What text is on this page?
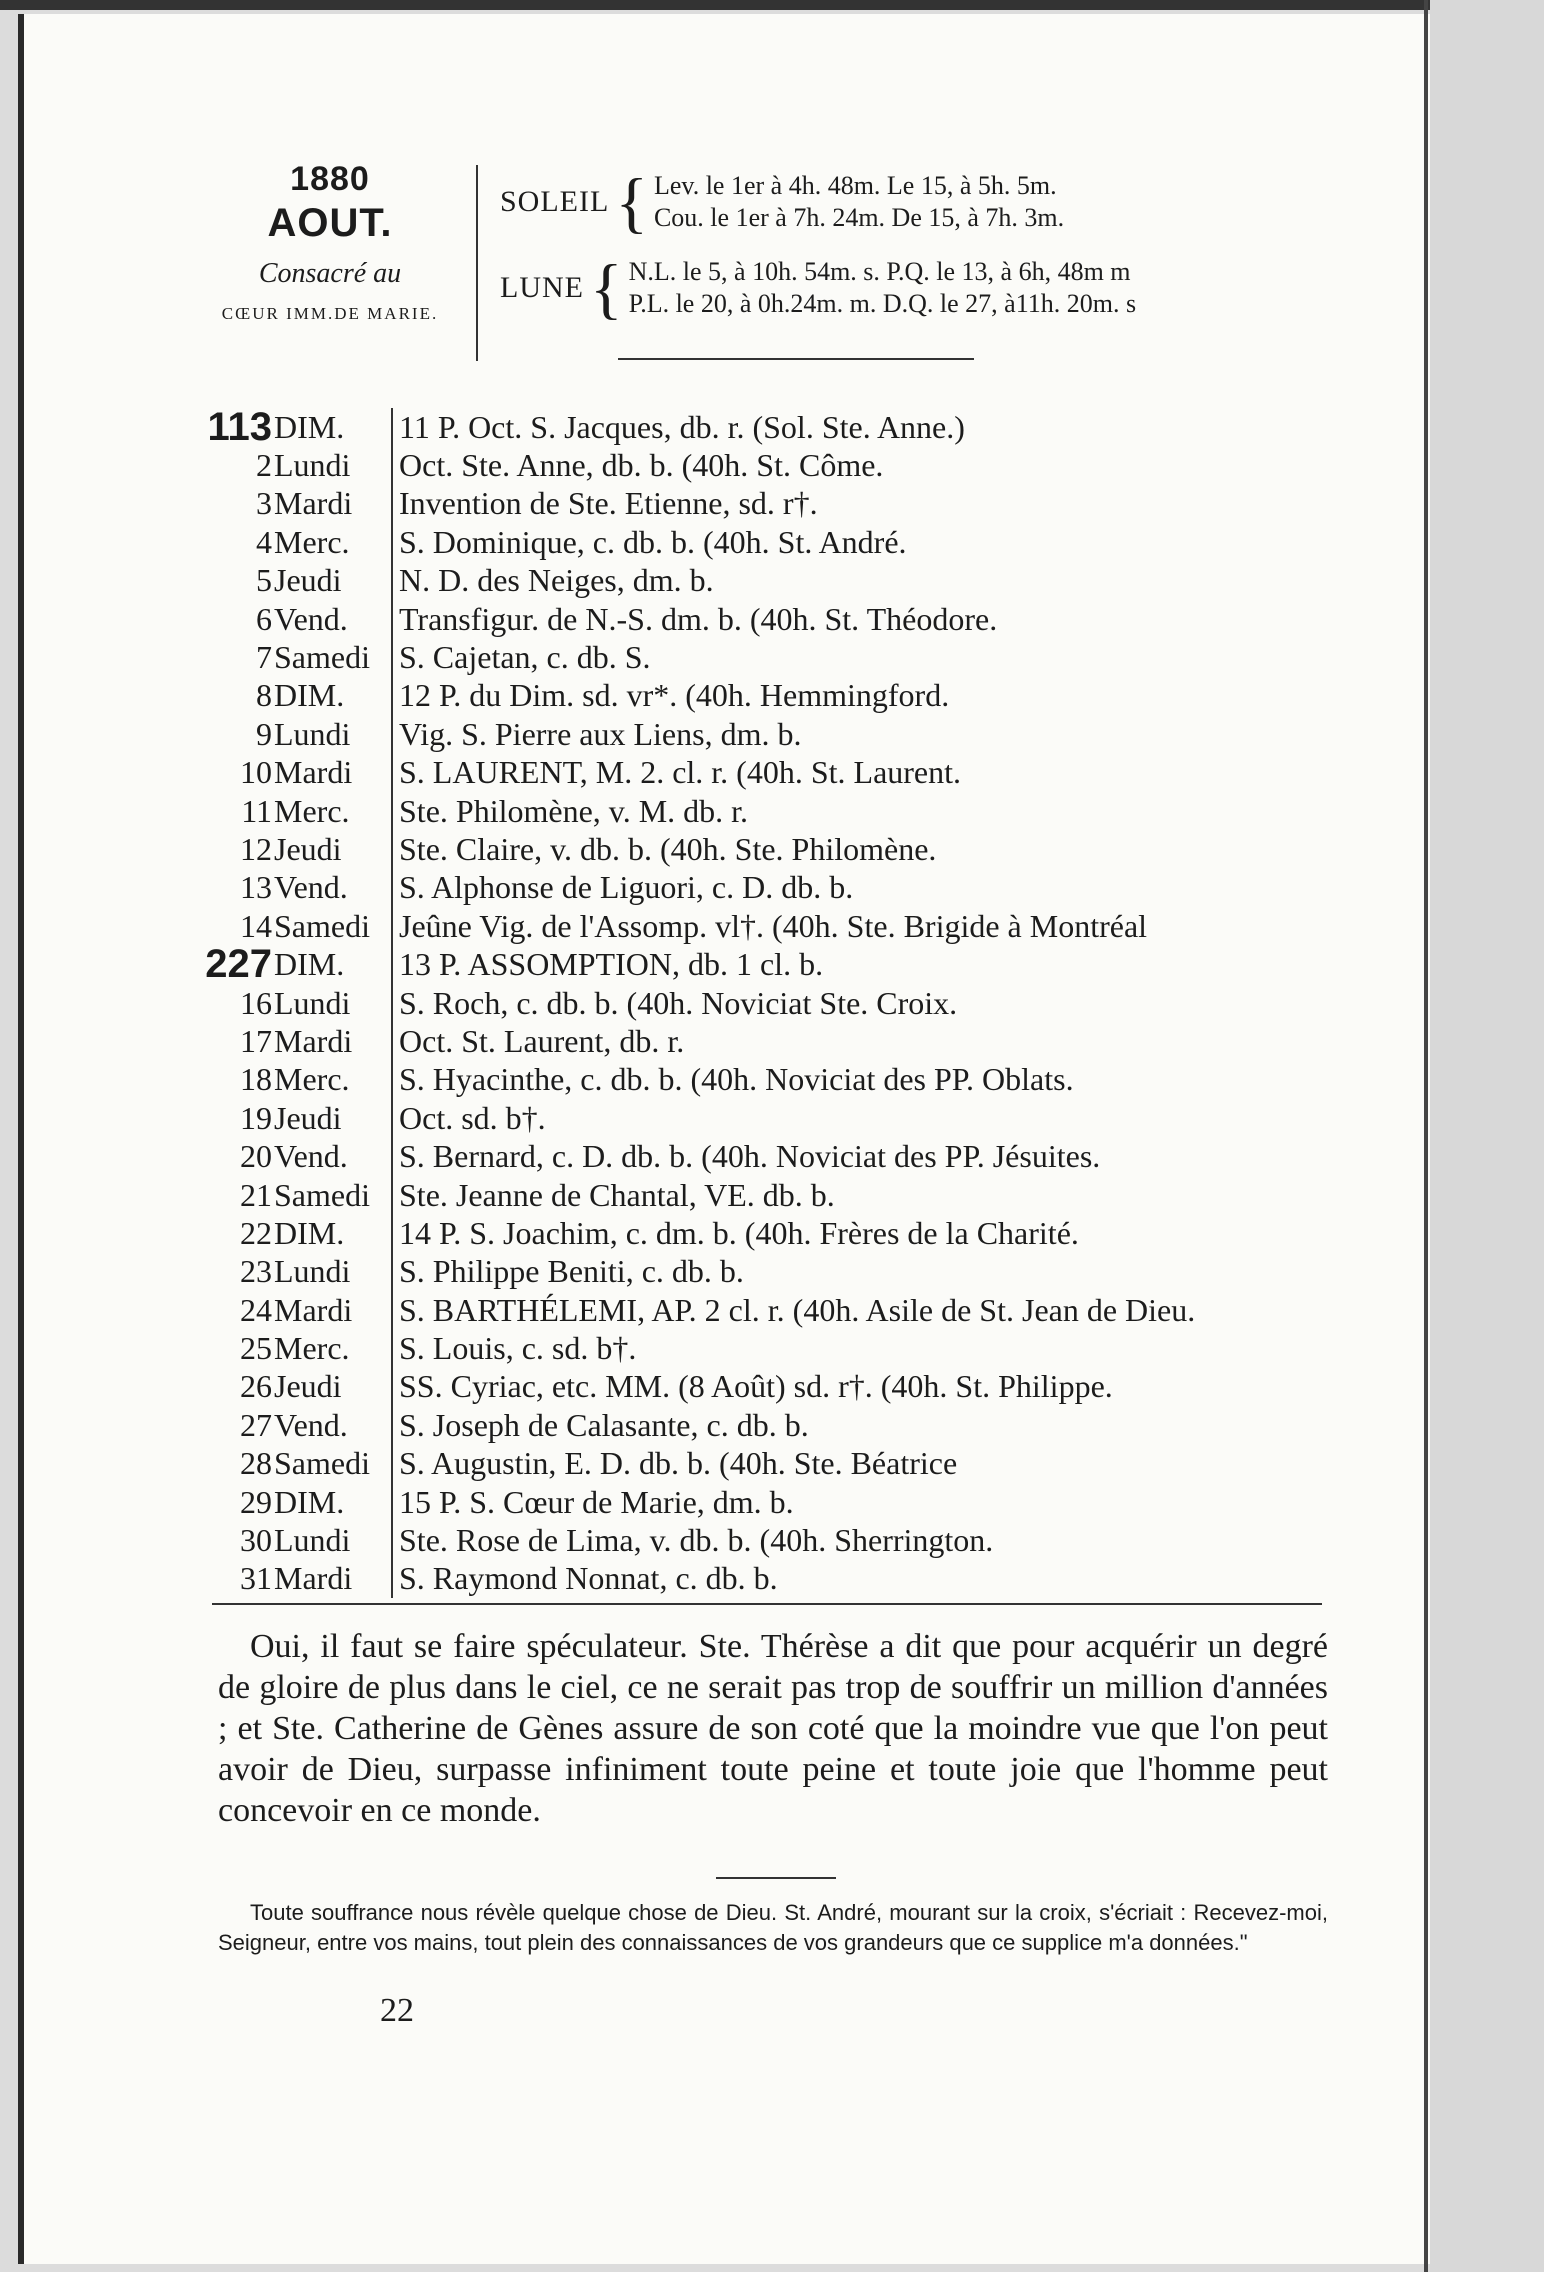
1880
AOUT.
Consacré au
CŒUR IMM.DE MARIE.
SOLEIL { Lev. le 1er à 4h. 48m. Le 15, à 5h. 5m.
Cou. le 1er à 7h. 24m. De 15, à 7h. 3m.
LUNE { N.L. le 5, à 10h. 54m. s. P.Q. le 13, à 6h, 48m m
P.L. le 20, à 0h.24m. m. D.Q. le 27, à11h. 20m. s
113 DIM.	11 P. Oct. S. Jacques, db. r. (Sol. Ste. Anne.)
2 Lundi	Oct. Ste. Anne, db. b. (40h. St. Côme.
3 Mardi	Invention de Ste. Etienne, sd. r†.
4 Merc.	S. Dominique, c. db. b. (40h. St. André.
5 Jeudi	N. D. des Neiges, dm. b.
6 Vend.	Transfigur. de N.-S. dm. b. (40h. St. Théodore.
7 Samedi S. Cajetan, c. db. S.
8 DIM.	12 P. du Dim. sd. vr*. (40h. Hemmingford.
9 Lundi	Vig. S. Pierre aux Liens, dm. b.
10 Mardi	S. LAURENT, M. 2. cl. r. (40h. St. Laurent.
11 Merc.	Ste. Philomène, v. M. db. r.
12 Jeudi	Ste. Claire, v. db. b. (40h. Ste. Philomène.
13 Vend.	S. Alphonse de Liguori, c. D. db. b.
14 Samedi Jeûne Vig. de l'Assomp. vl†. (40h. Ste. Brigide à Montréal
227 DIM.	13 P. ASSOMPTION, db. 1 cl. b.
16 Lundi	S. Roch, c. db. b. (40h. Noviciat Ste. Croix.
17 Mardi	Oct. St. Laurent, db. r.
18 Merc.	S. Hyacinthe, c. db. b. (40h. Noviciat des PP. Oblats.
19 Jeudi	Oct. sd. b†.
20 Vend.	S. Bernard, c. D. db. b. (40h. Noviciat des PP. Jésuites.
21 Samedi Ste. Jeanne de Chantal, VE. db. b.
22 DIM.	14 P. S. Joachim, c. dm. b. (40h. Frères de la Charité.
23 Lundi	S. Philippe Beniti, c. db. b.
24 Mardi	S. BARTHÉLEMI, AP. 2 cl. r. (40h. Asile de St. Jean de Dieu.
25 Merc.	S. Louis, c. sd. b†.
26 Jeudi	SS. Cyriac, etc. MM. (8 Août) sd. r†. (40h. St. Philippe.
27 Vend.	S. Joseph de Calasante, c. db. b.
28 Samedi S. Augustin, E. D. db. b. (40h. Ste. Béatrice
29 DIM.	15 P. S. Cœur de Marie, dm. b.
30 Lundi	Ste. Rose de Lima, v. db. b. (40h. Sherrington.
31 Mardi	S. Raymond Nonnat, c. db. b.
Oui, il faut se faire spéculateur. Ste. Thérèse a dit que pour acquérir un degré de gloire de plus dans le ciel, ce ne serait pas trop de souffrir un million d'années ; et Ste. Catherine de Gènes assure de son coté que la moindre vue que l'on peut avoir de Dieu, surpasse infiniment toute peine et toute joie que l'homme peut concevoir en ce monde.
Toute souffrance nous révèle quelque chose de Dieu. St. André, mourant sur la croix, s'écriait : Recevez-moi, Seigneur, entre vos mains, tout plein des connaissances de vos grandeurs que ce supplice m'a données."
22
